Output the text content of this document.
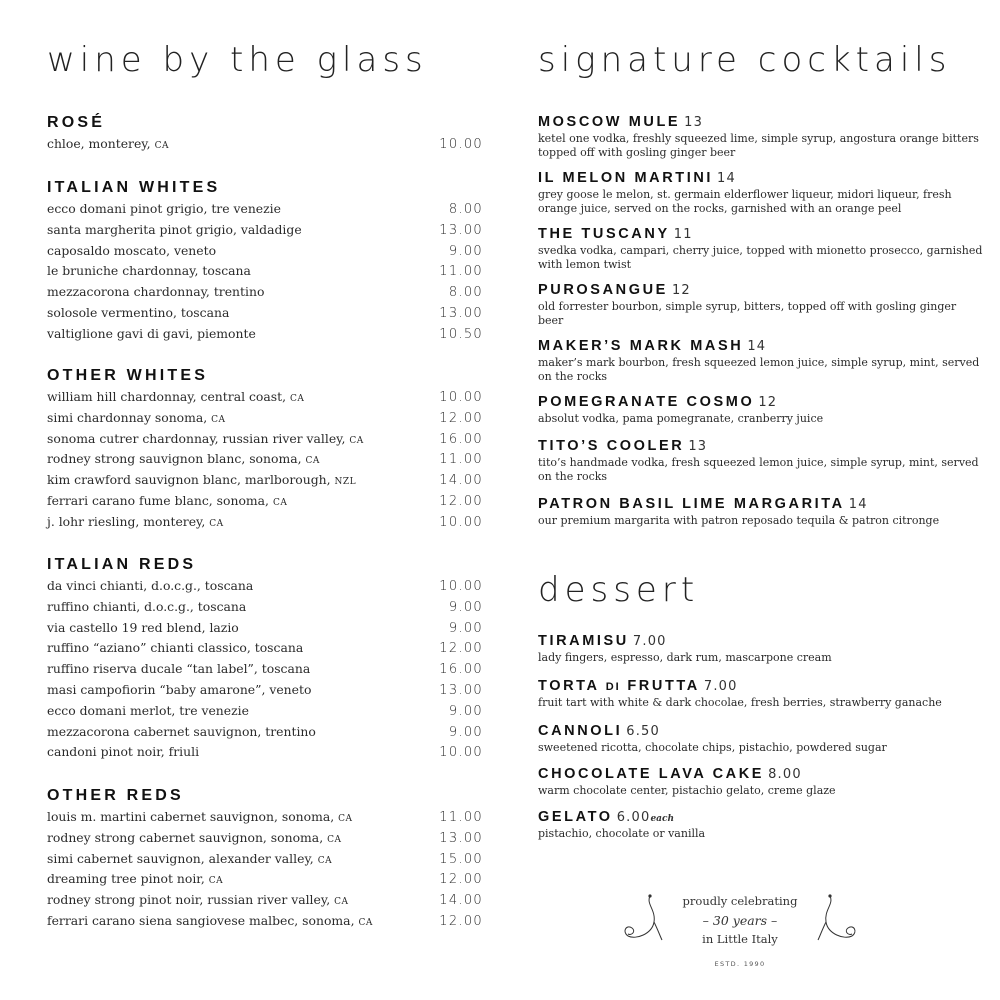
wine by the glass
ROSÉ
chloe, monterey, CA	10.00
ITALIAN WHITES
ecco domani pinot grigio, tre venezie	8.00
santa margherita pinot grigio, valdadige	13.00
caposaldo moscato, veneto	9.00
le bruniche chardonnay, toscana	11.00
mezzacorona chardonnay, trentino	8.00
solosole vermentino, toscana	13.00
valtiglione gavi di gavi, piemonte	10.50
OTHER WHITES
william hill chardonnay, central coast, CA	10.00
simi chardonnay sonoma, CA	12.00
sonoma cutrer chardonnay, russian river valley, CA	16.00
rodney strong sauvignon blanc, sonoma, CA	11.00
kim crawford sauvignon blanc, marlborough, NZL	14.00
ferrari carano fume blanc, sonoma, CA	12.00
j. lohr riesling, monterey, CA	10.00
ITALIAN REDS
da vinci chianti, d.o.c.g., toscana	10.00
ruffino chianti, d.o.c.g., toscana	9.00
via castello 19 red blend, lazio	9.00
ruffino “aziano” chianti classico, toscana	12.00
ruffino riserva ducale “tan label”, toscana	16.00
masi campofiorin “baby amarone”, veneto	13.00
ecco domani merlot, tre venezie	9.00
mezzacorona cabernet sauvignon, trentino	9.00
candoni pinot noir, friuli	10.00
OTHER REDS
louis m. martini cabernet sauvignon, sonoma, CA	11.00
rodney strong cabernet sauvignon, sonoma, CA	13.00
simi cabernet sauvignon, alexander valley, CA	15.00
dreaming tree pinot noir, CA	12.00
rodney strong pinot noir, russian river valley, CA	14.00
ferrari carano siena sangiovese malbec, sonoma, CA	12.00
signature cocktails
MOSCOW MULE 13

ketel one vodka, freshly squeezed lime, simple syrup, angostura orange bitters topped off with gosling ginger beer

IL MELON MARTINI 14

grey goose le melon, st. germain elderflower liqueur, midori liqueur, fresh orange juice, served on the rocks, garnished with an orange peel

THE TUSCANY 11

svedka vodka, campari, cherry juice, topped with mionetto prosecco, garnished with lemon twist

PUROSANGUE 12

old forrester bourbon, simple syrup, bitters, topped off with gosling ginger beer

MAKER’S MARK MASH 14

maker’s mark bourbon, fresh squeezed lemon juice, simple syrup, mint, served on the rocks

POMEGRANATE COSMO 12

absolut vodka, pama pomegranate, cranberry juice

TITO’S COOLER 13

tito’s handmade vodka, fresh squeezed lemon juice, simple syrup, mint, served on the rocks

PATRON BASIL LIME MARGARITA 14

our premium margarita with patron reposado tequila & patron citronge

dessert
TIRAMISU 7.00

lady fingers, espresso, dark rum, mascarpone cream

TORTA DI FRUTTA 7.00

fruit tart with white & dark chocolae, fresh berries, strawberry ganache

CANNOLI 6.50

sweetened ricotta, chocolate chips, pistachio, powdered sugar

CHOCOLATE LAVA CAKE 8.00

warm chocolate center, pistachio gelato, creme glaze

GELATO 6.00each

pistachio, chocolate or vanilla

proudly celebrating
– 30 years –
in Little Italy
ESTD. 1990
